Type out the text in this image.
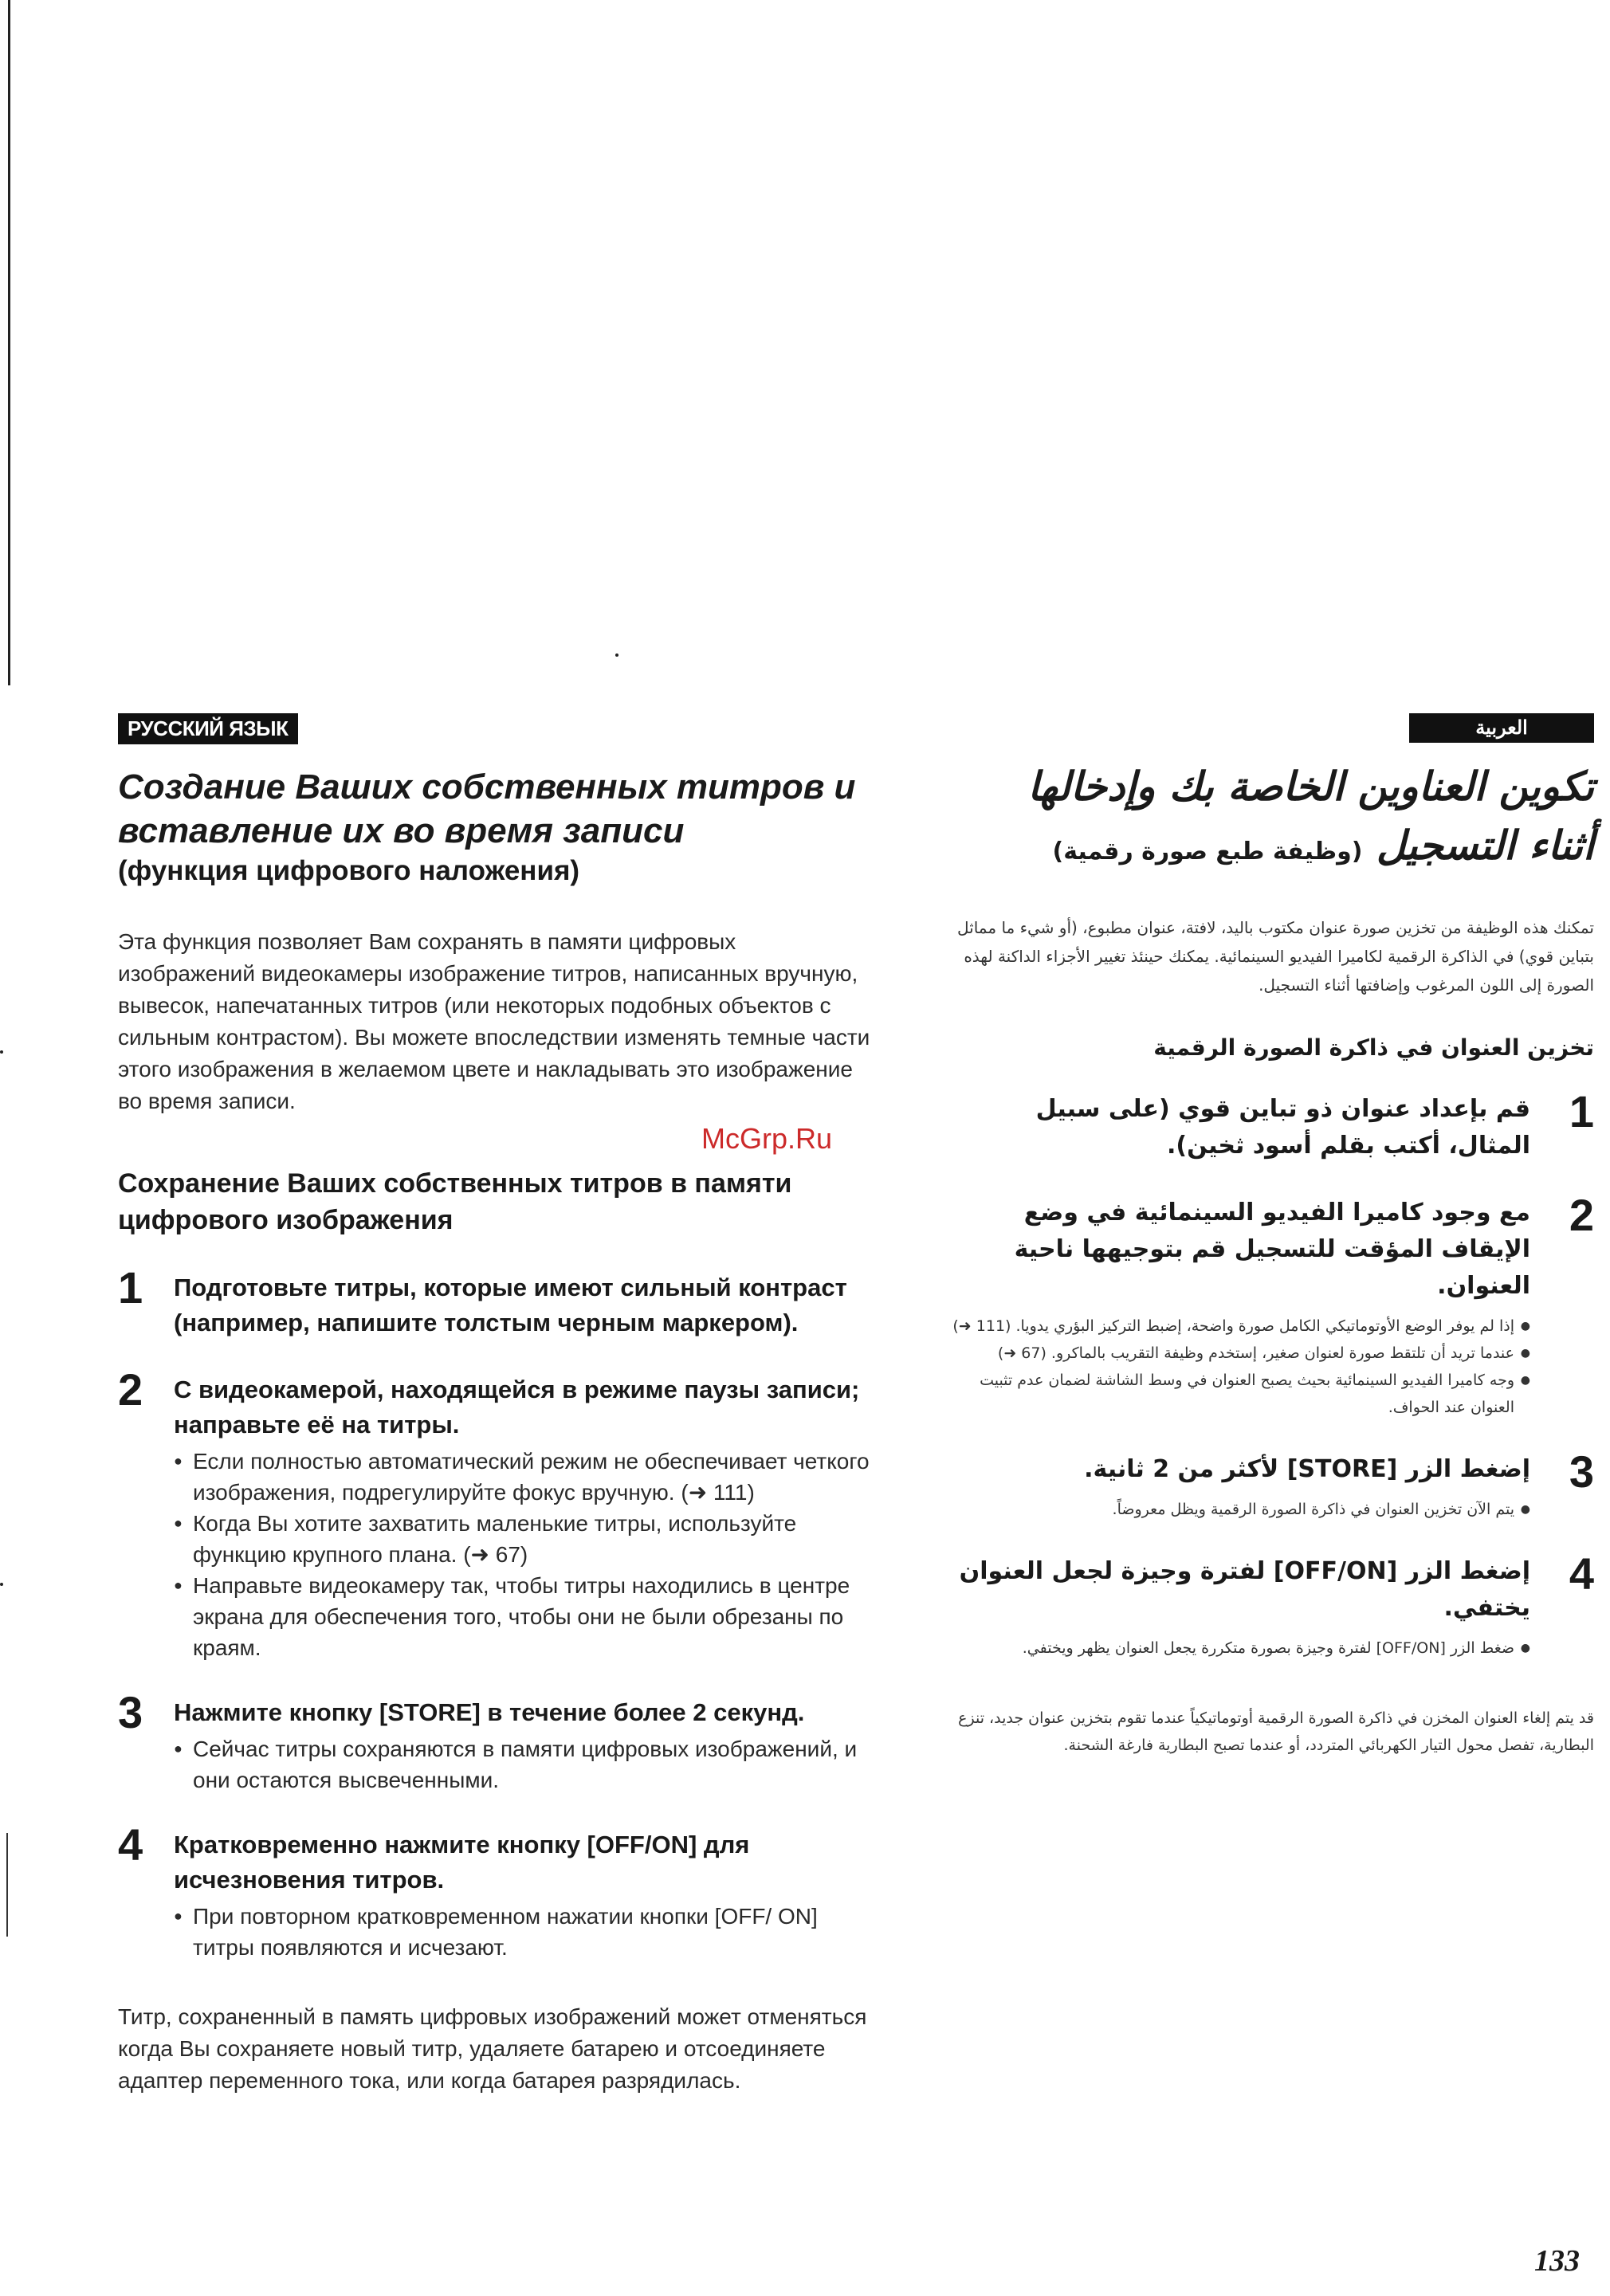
РУССКИЙ ЯЗЫК
Создание Ваших собственных титров и
вставление их во время записи
(функция цифрового наложения)

Эта функция позволяет Вам сохранять в памяти цифровых изображений видеокамеры изображение титров, написанных вручную, вывесок, напечатанных титров (или некоторых подобных объектов с сильным контрастом). Вы можете впоследствии изменять темные части этого изображения в желаемом цвете и накладывать это изображение во время записи.

Сохранение Ваших собственных титров в памяти цифрового изображения
1 Подготовьте титры, которые имеют сильный контраст (например, напишите толстым черным маркером).

2 С видеокамерой, находящейся в режиме паузы записи; направьте её на титры.

● Если полностью автоматический режим не обеспечивает четкого изображения, подрегулируйте фокус вручную. (➜ 111)
● Когда Вы хотите захватить маленькие титры, используйте функцию крупного плана. (➜ 67)
● Направьте видеокамеру так, чтобы титры находились в центре экрана для обеспечения того, чтобы они не были обрезаны по краям.
3 Нажмите кнопку [STORE] в течение более 2 секунд.

● Сейчас титры сохраняются в памяти цифровых изображений, и они остаются высвеченными.
4 Кратковременно нажмите кнопку [OFF/ON] для исчезновения титров.

● При повторном кратковременном нажатии кнопки [OFF/ ON] титры появляются и исчезают.

Титр, сохраненный в память цифровых изображений может отменяться когда Вы сохраняете новый титр, удаляете батарею и отсоединяете адаптер переменного тока, или когда батарея разрядилась.

McGrp.Ru
العربية
تكوين العناوين الخاصة بك وإدخالها
أثناء التسجيل (وظيفة طبع صورة رقمية)

تمكنك هذه الوظيفة من تخزين صورة عنوان مكتوب باليد، لافتة، عنوان مطبوع، (أو شيء ما مماثل بتباين قوي) في الذاكرة الرقمية لكاميرا الفيديو السينمائية. يمكنك حينئذ تغيير الأجزاء الداكنة لهذه الصورة إلى اللون المرغوب وإضافتها أثناء التسجيل.

تخزين العنوان في ذاكرة الصورة الرقمية
1

قم بإعداد عنوان ذو تباين قوي (على سبيل المثال، أكتب بقلم أسود ثخين).

2

مع وجود كاميرا الفيديو السينمائية في وضع الإيقاف المؤقت للتسجيل قم بتوجيهها ناحية العنوان.

● إذا لم يوفر الوضع الأوتوماتيكي الكامل صورة واضحة، إضبط التركيز البؤري يدويا. (111 ➜)
● عندما تريد أن تلتقط صورة لعنوان صغير، إستخدم وظيفة التقريب بالماكرو. (67 ➜)
● وجه كاميرا الفيديو السينمائية بحيث يصبح العنوان في وسط الشاشة لضمان عدم تثبيت العنوان عند الحواف.
3

إضغط الزر [STORE] لأكثر من 2 ثانية.

● يتم الآن تخزين العنوان في ذاكرة الصورة الرقمية ويظل معروضاً.
4

إضغط الزر [OFF/ON] لفترة وجيزة لجعل العنوان يختفي.

● ضغط الزر [OFF/ON] لفترة وجيزة بصورة متكررة يجعل العنوان يظهر ويختفي.

قد يتم إلغاء العنوان المخزن في ذاكرة الصورة الرقمية أوتوماتيكياً عندما تقوم بتخزين عنوان جديد، تنزع البطارية، تفصل محول التيار الكهربائي المتردد، أو عندما تصبح البطارية فارغة الشحنة.

133
